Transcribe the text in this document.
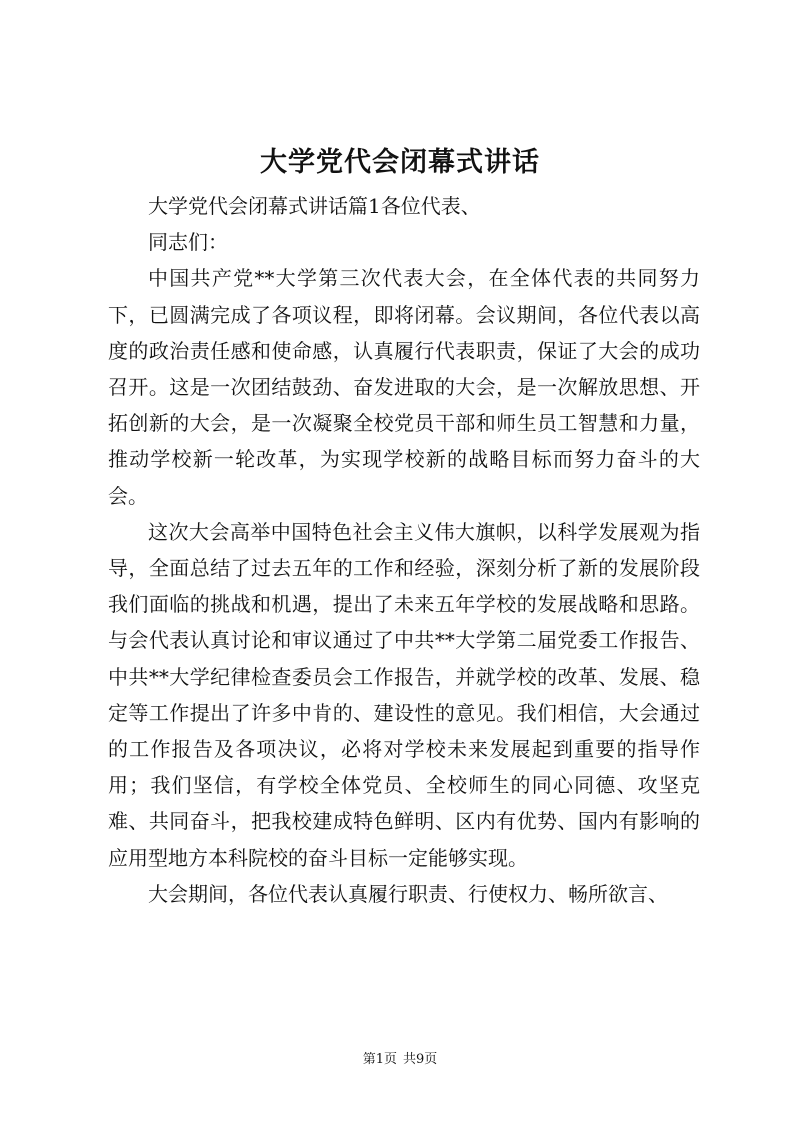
大学党代会闭幕式讲话

大学党代会闭幕式讲话篇1各位代表、

同志们：

中国共产党**大学第三次代表大会，在全体代表的共同努力下，已圆满完成了各项议程，即将闭幕。会议期间，各位代表以高度的政治责任感和使命感，认真履行代表职责，保证了大会的成功召开。这是一次团结鼓劲、奋发进取的大会，是一次解放思想、开拓创新的大会，是一次凝聚全校党员干部和师生员工智慧和力量，推动学校新一轮改革，为实现学校新的战略目标而努力奋斗的大会。

这次大会高举中国特色社会主义伟大旗帜，以科学发展观为指导，全面总结了过去五年的工作和经验，深刻分析了新的发展阶段我们面临的挑战和机遇，提出了未来五年学校的发展战略和思路。与会代表认真讨论和审议通过了中共**大学第二届党委工作报告、中共**大学纪律检查委员会工作报告，并就学校的改革、发展、稳定等工作提出了许多中肯的、建设性的意见。我们相信，大会通过的工作报告及各项决议，必将对学校未来发展起到重要的指导作用；我们坚信，有学校全体党员、全校师生的同心同德、攻坚克难、共同奋斗，把我校建成特色鲜明、区内有优势、国内有影响的应用型地方本科院校的奋斗目标一定能够实现。

大会期间，各位代表认真履行职责、行使权力、畅所欲言、

第1页 共9页
